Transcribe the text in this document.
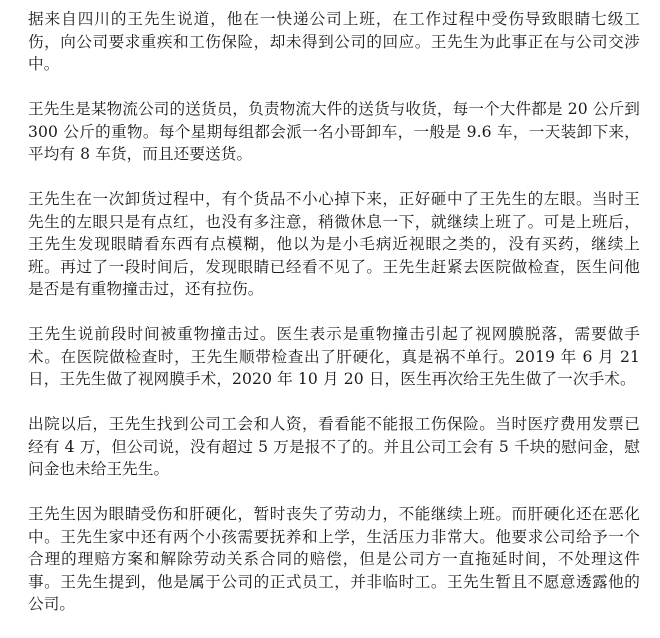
据来自四川的王先生说道，他在一快递公司上班，在工作过程中受伤导致眼睛七级工伤，向公司要求重疾和工伤保险，却未得到公司的回应。王先生为此事正在与公司交涉中。

王先生是某物流公司的送货员，负责物流大件的送货与收货，每一个大件都是 20 公斤到 300 公斤的重物。每个星期每组都会派一名小哥卸车，一般是 9.6 车，一天装卸下来，平均有 8 车货，而且还要送货。

王先生在一次卸货过程中，有个货品不小心掉下来，正好砸中了王先生的左眼。当时王先生的左眼只是有点红，也没有多注意，稍微休息一下，就继续上班了。可是上班后，王先生发现眼睛看东西有点模糊，他以为是小毛病近视眼之类的，没有买药，继续上班。再过了一段时间后，发现眼睛已经看不见了。王先生赶紧去医院做检查，医生问他是否是有重物撞击过，还有拉伤。

王先生说前段时间被重物撞击过。医生表示是重物撞击引起了视网膜脱落，需要做手术。在医院做检查时，王先生顺带检查出了肝硬化，真是祸不单行。2019 年 6 月 21 日，王先生做了视网膜手术，2020 年 10 月 20 日，医生再次给王先生做了一次手术。

出院以后，王先生找到公司工会和人资，看看能不能报工伤保险。当时医疗费用发票已经有 4 万，但公司说，没有超过 5 万是报不了的。并且公司工会有 5 千块的慰问金，慰问金也未给王先生。

王先生因为眼睛受伤和肝硬化，暂时丧失了劳动力，不能继续上班。而肝硬化还在恶化中。王先生家中还有两个小孩需要抚养和上学，生活压力非常大。他要求公司给予一个合理的理赔方案和解除劳动关系合同的赔偿，但是公司方一直拖延时间，不处理这件事。王先生提到，他是属于公司的正式员工，并非临时工。王先生暂且不愿意透露他的公司。
